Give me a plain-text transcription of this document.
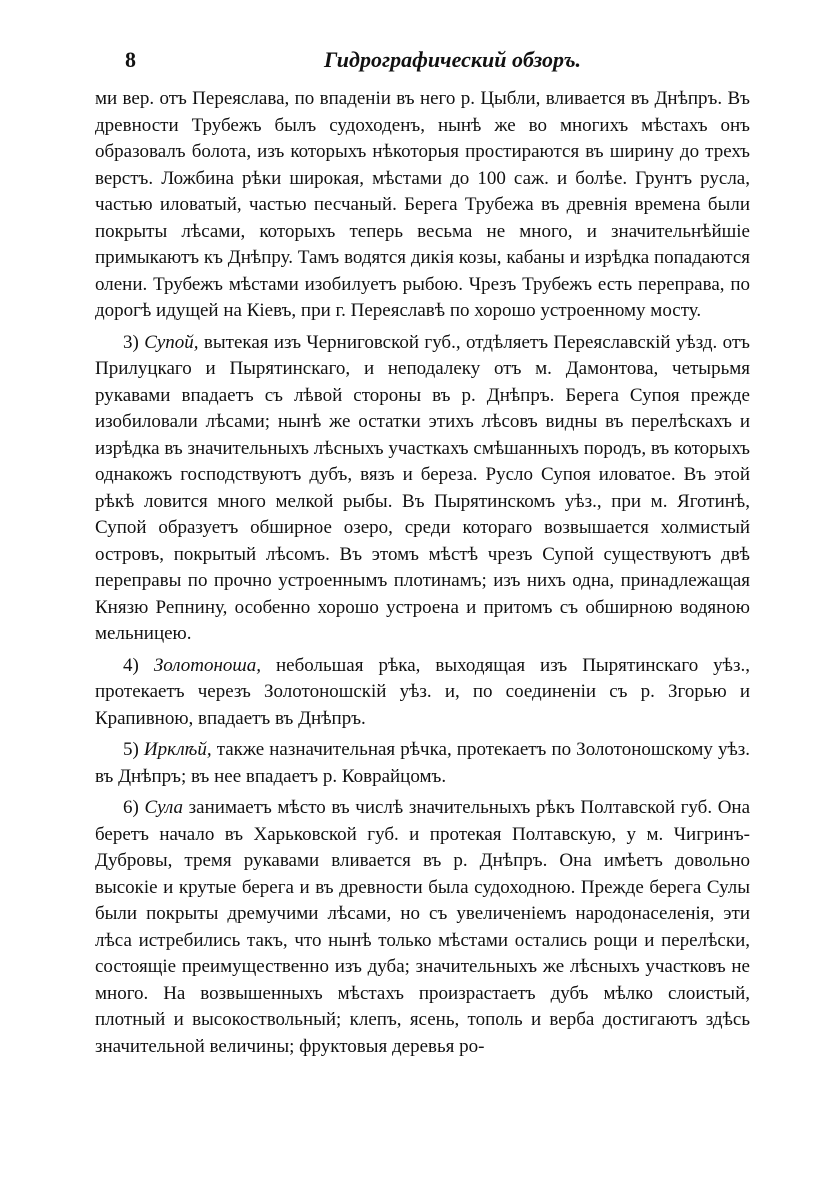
8	Гидрографический обзоръ.

ми вер. отъ Переяслава, по впаденіи въ него р. Цыбли, вливается въ Днѣпръ. Въ древности Трубежъ былъ судоходенъ, нынѣ же во многихъ мѣстахъ онъ образовалъ болота, изъ которыхъ нѣкоторыя простираются въ ширину до трехъ верстъ. Ложбина рѣки широкая, мѣстами до 100 саж. и болѣе. Грунтъ русла, частью иловатый, частью песчаный. Берега Трубежа въ древнія времена были покрыты лѣсами, которыхъ теперь весьма не много, и значительнѣйшіе примыкаютъ къ Днѣпру. Тамъ водятся дикія козы, кабаны и изрѣдка попадаются олени. Трубежъ мѣстами изобилуетъ рыбою. Чрезъ Трубежъ есть переправа, по дорогѣ идущей на Кіевъ, при г. Переяславѣ по хорошо устроенному мосту.

3) Супой, вытекая изъ Черниговской губ., отдѣляетъ Переяславскій уѣзд. отъ Прилуцкаго и Пырятинскаго, и неподалеку отъ м. Дамонтова, четырьмя рукавами впадаетъ съ лѣвой стороны въ р. Днѣпръ. Берега Супоя прежде изобиловали лѣсами; нынѣ же остатки этихъ лѣсовъ видны въ перелѣскахъ и изрѣдка въ значительныхъ лѣсныхъ участкахъ смѣшанныхъ породъ, въ которыхъ однакожъ господствуютъ дубъ, вязъ и береза. Русло Супоя иловатое. Въ этой рѣкѣ ловится много мелкой рыбы. Въ Пырятинскомъ уѣз., при м. Яготинѣ, Супой образуетъ обширное озеро, среди котораго возвышается холмистый островъ, покрытый лѣсомъ. Въ этомъ мѣстѣ чрезъ Супой существуютъ двѣ переправы по прочно устроеннымъ плотинамъ; изъ нихъ одна, принадлежащая Князю Репнину, особенно хорошо устроена и притомъ съ обширною водяною мельницею.

4) Золотоноша, небольшая рѣка, выходящая изъ Пырятинскаго уѣз., протекаетъ черезъ Золотоношскій уѣз. и, по соединеніи съ р. Згорью и Крапивною, впадаетъ въ Днѣпръ.

5) Ирклѣй, также назначительная рѣчка, протекаетъ по Золотоношскому уѣз. въ Днѣпръ; въ нее впадаетъ р. Коврайцомъ.

6) Сула занимаетъ мѣсто въ числѣ значительныхъ рѣкъ Полтавской губ. Она беретъ начало въ Харьковской губ. и протекая Полтавскую, у м. Чигринъ-Дубровы, тремя рукавами вливается въ р. Днѣпръ. Она имѣетъ довольно высокіе и крутые берега и въ древности была судоходною. Прежде берега Сулы были покрыты дремучими лѣсами, но съ увеличеніемъ народонаселенія, эти лѣса истребились такъ, что нынѣ только мѣстами остались рощи и перелѣски, состоящіе преимущественно изъ дуба; значительныхъ же лѣсныхъ участковъ не много. На возвышенныхъ мѣстахъ произрастаетъ дубъ мѣлко слоистый, плотный и высокоствольный; клепъ, ясень, тополь и верба достигаютъ здѣсь значительной величины; фруктовыя деревья ро-
